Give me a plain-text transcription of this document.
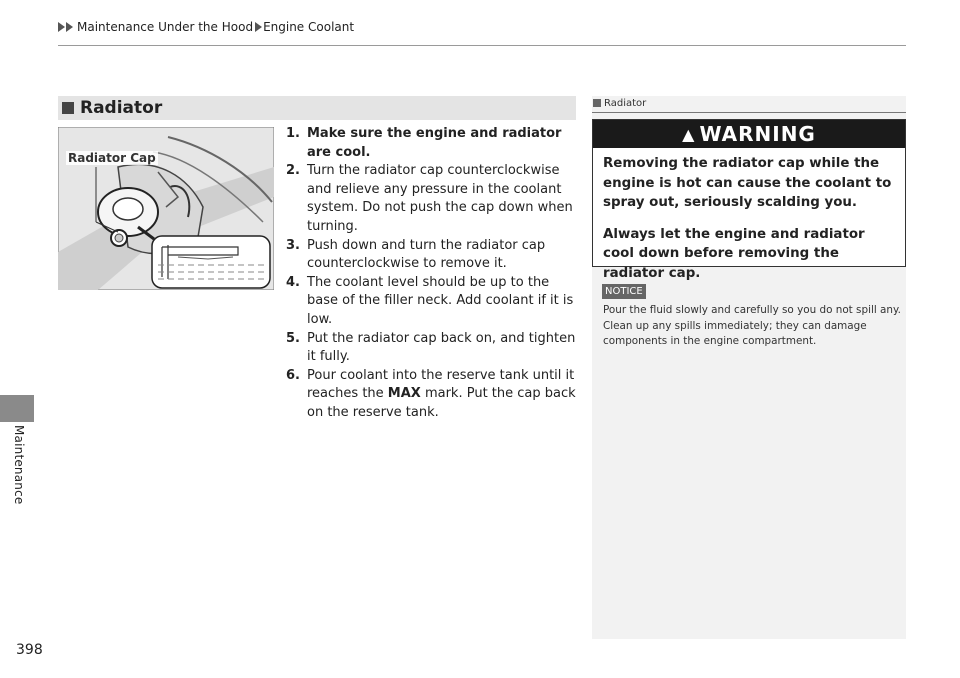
Maintenance Under the Hood Engine Coolant
Maintenance
398
Radiator
Radiator Cap
1. Make sure the engine and radiator are cool.
2. Turn the radiator cap counterclockwise and relieve any pressure in the coolant system. Do not push the cap down when turning.
3. Push down and turn the radiator cap counterclockwise to remove it.
4. The coolant level should be up to the base of the filler neck. Add coolant if it is low.
5. Put the radiator cap back on, and tighten it fully.
6. Pour coolant into the reserve tank until it reaches the MAX mark. Put the cap back on the reserve tank.
Radiator
▲ WARNING
Removing the radiator cap while the engine is hot can cause the coolant to spray out, seriously scalding you.
Always let the engine and radiator cool down before removing the radiator cap.
NOTICE
Pour the fluid slowly and carefully so you do not spill any. Clean up any spills immediately; they can damage components in the engine compartment.
